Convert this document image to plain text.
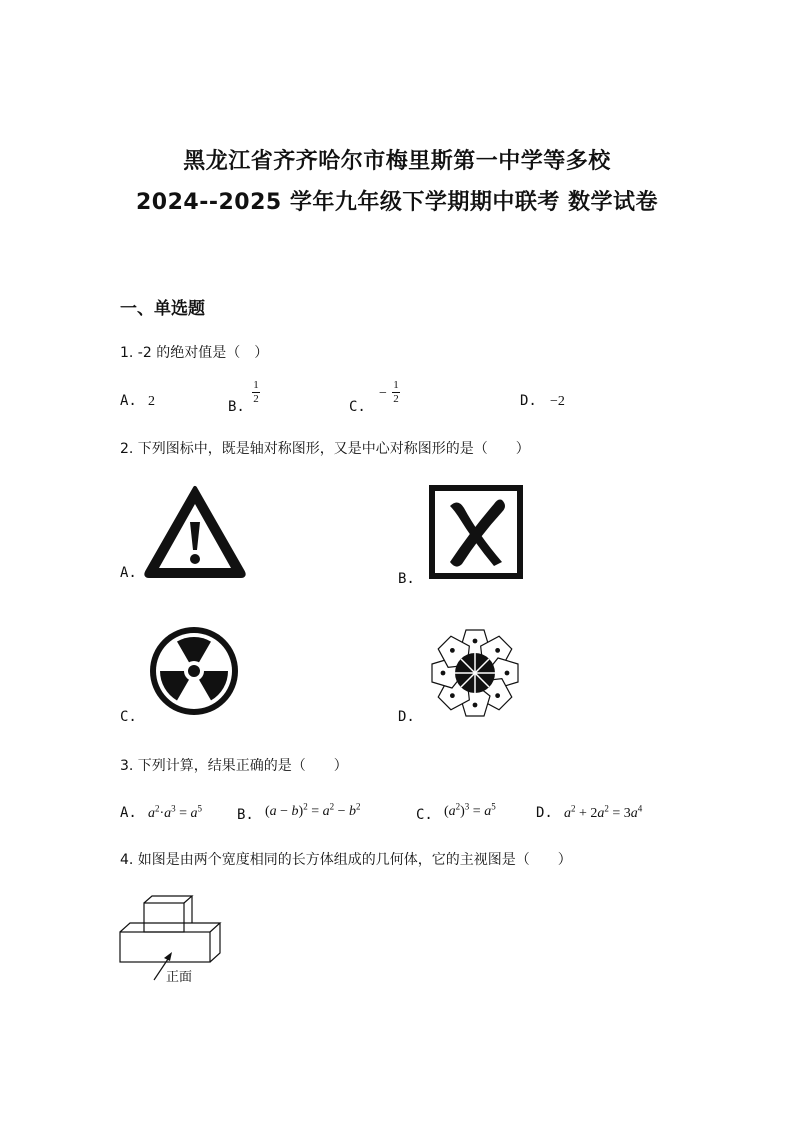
黑龙江省齐齐哈尔市梅里斯第一中学等多校
2024--2025 学年九年级下学期期中联考 数学试卷
一、单选题
1. -2 的绝对值是（　）
A. 2	B.
$\frac{1}{2}$
C. − $\frac{1}{2}$	D. −2
2. 下列图标中，既是轴对称图形，又是中心对称图形的是（　　）
A.	B.
C.	D.
3. 下列计算，结果正确的是（　　）
A. $a^2\cdot a^3 = a^5$ B. $(a - b)^2 = a^2 - b^2$
C. $(a^2)^3 = a^5$	D. $a^2 + 2a^2 = 3a^4$
4. 如图是由两个宽度相同的长方体组成的几何体，它的主视图是（　　）
正面
